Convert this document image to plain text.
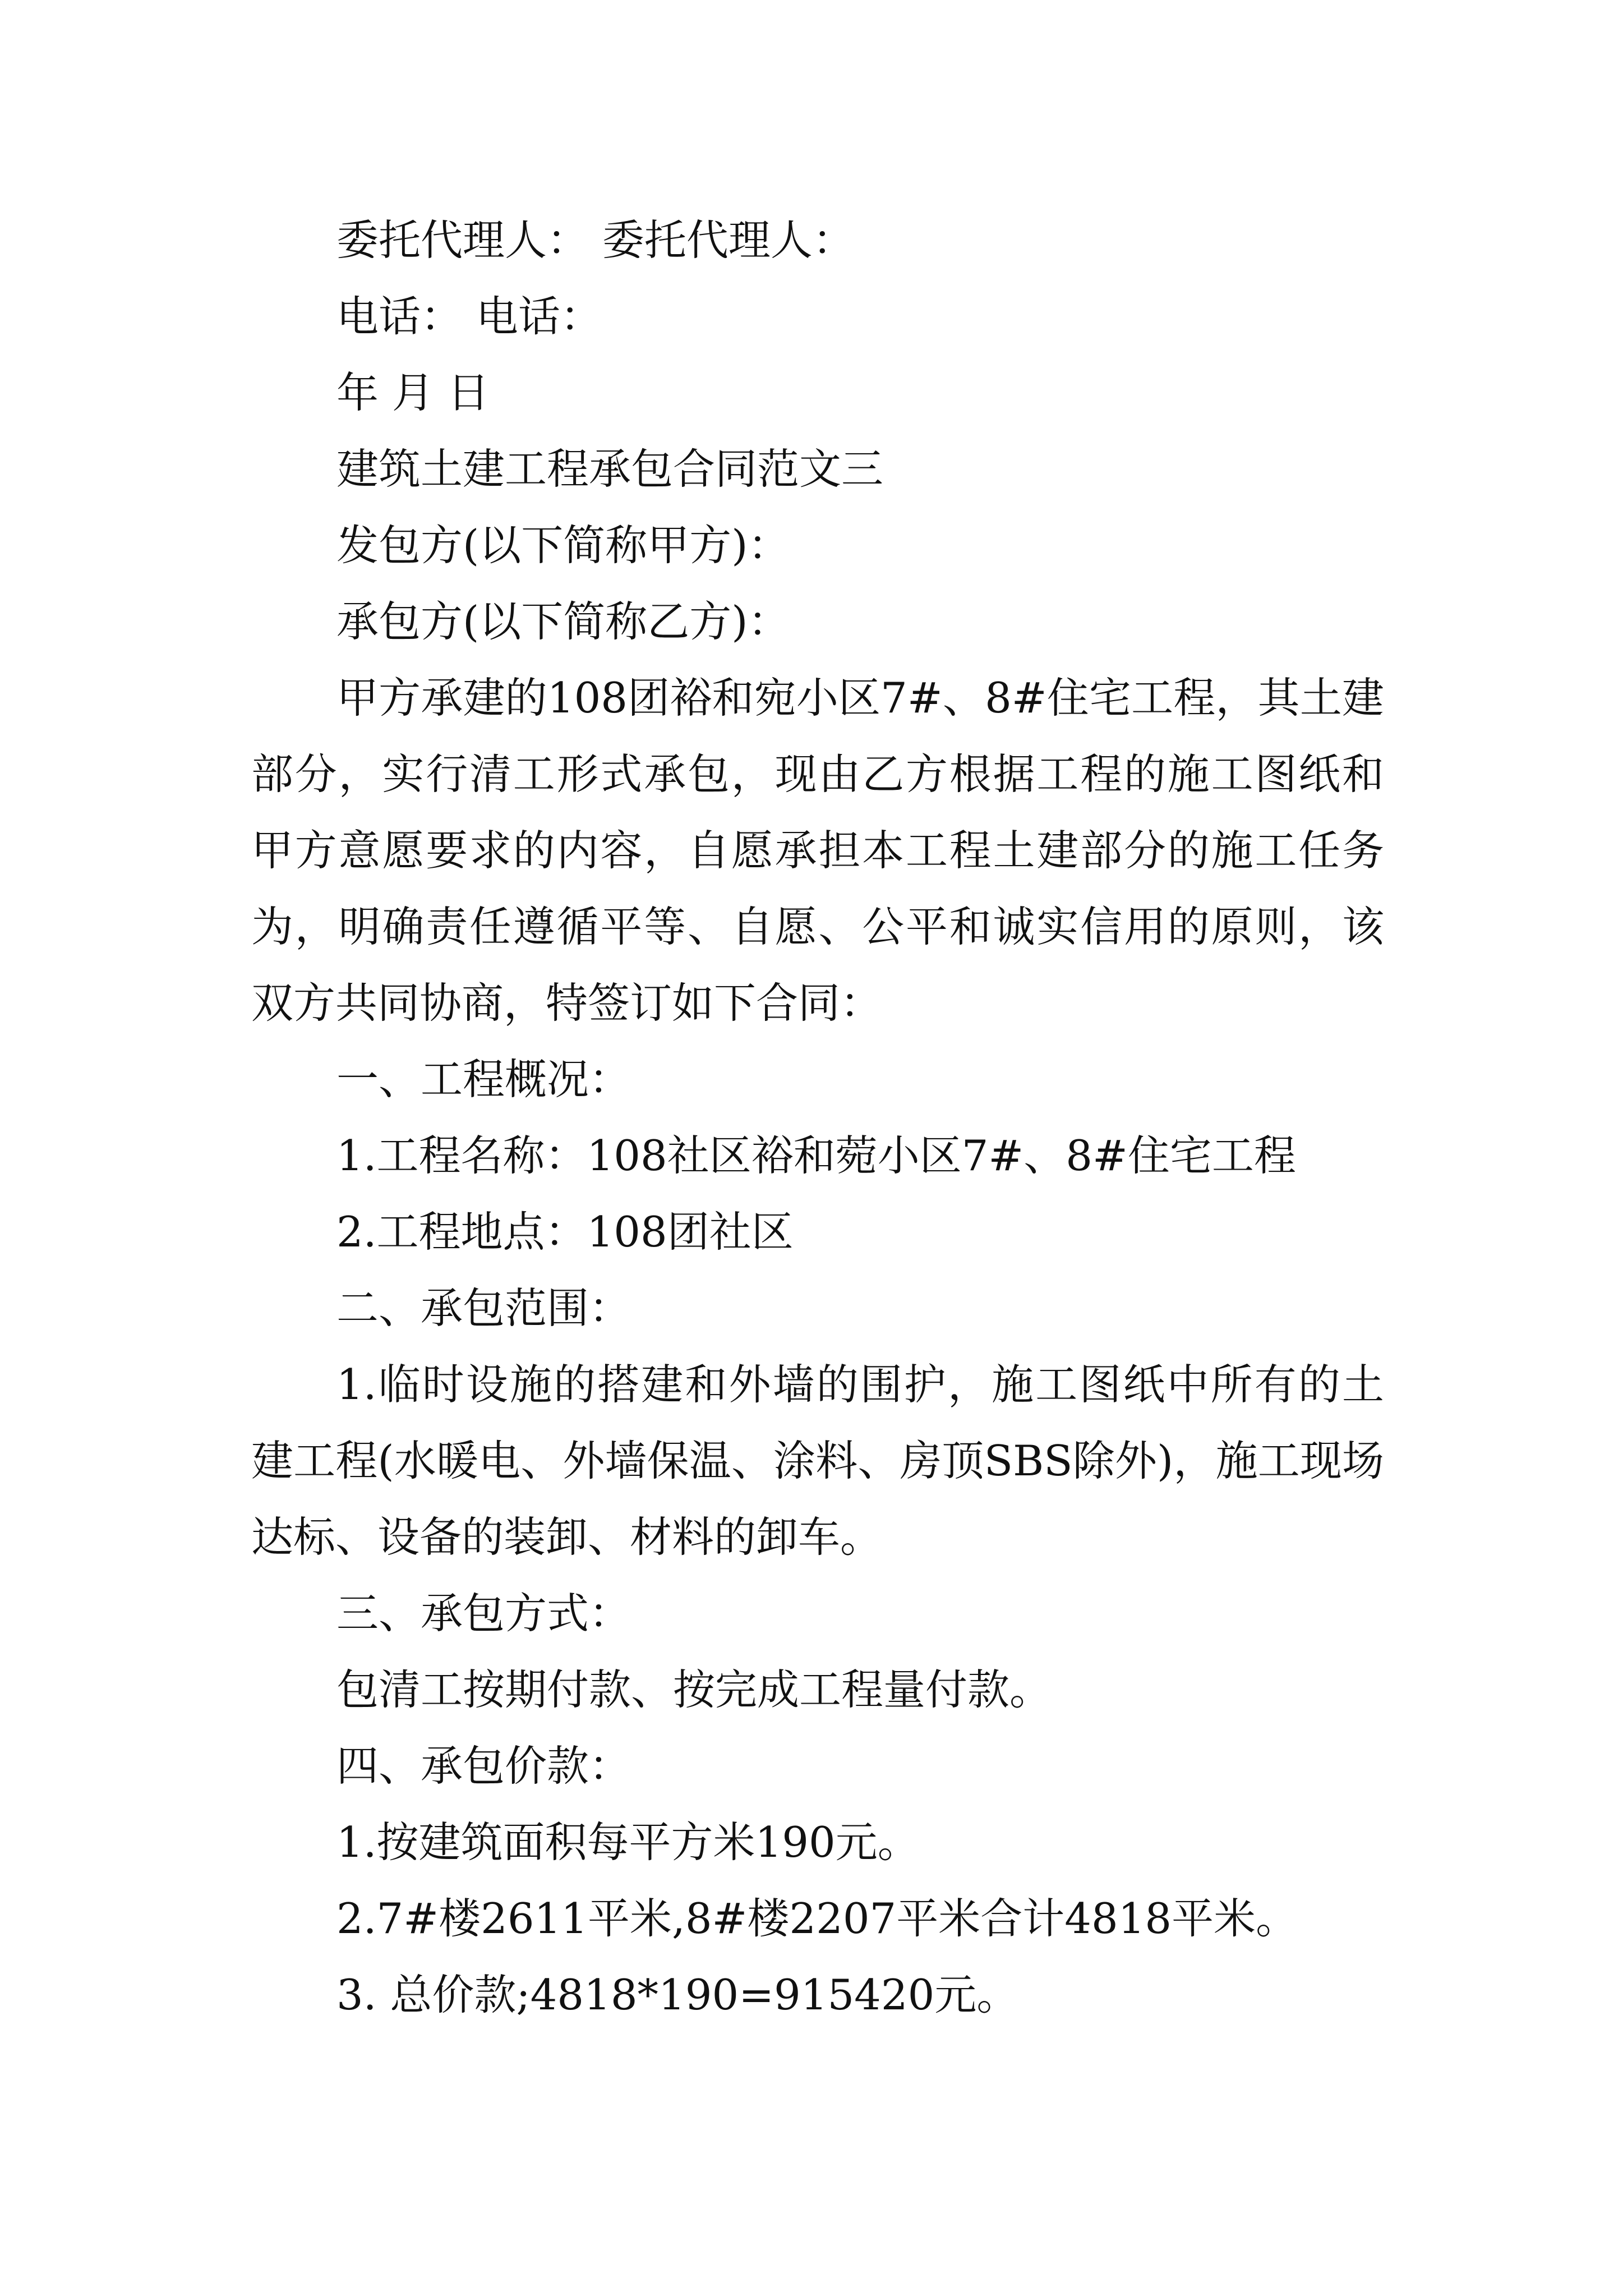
委托代理人： 委托代理人：
电话： 电话：
年 月 日
建筑土建工程承包合同范文三
发包方(以下简称甲方)：
承包方(以下简称乙方)：
甲方承建的108团裕和宛小区7#、8#住宅工程，其土建部分，实行清工形式承包，现由乙方根据工程的施工图纸和甲方意愿要求的内容，自愿承担本工程土建部分的施工任务为，明确责任遵循平等、自愿、公平和诚实信用的原则，该双方共同协商，特签订如下合同：
一、工程概况：
1.工程名称：108社区裕和菀小区7#、8#住宅工程
2.工程地点：108团社区
二、承包范围：
1.临时设施的搭建和外墙的围护，施工图纸中所有的土建工程(水暖电、外墙保温、涂料、房顶SBS除外)，施工现场达标、设备的装卸、材料的卸车。
三、承包方式：
包清工按期付款、按完成工程量付款。
四、承包价款：
1.按建筑面积每平方米190元。
2.7#楼2611平米,8#楼2207平米合计4818平米。
3. 总价款;4818*190=915420元。
